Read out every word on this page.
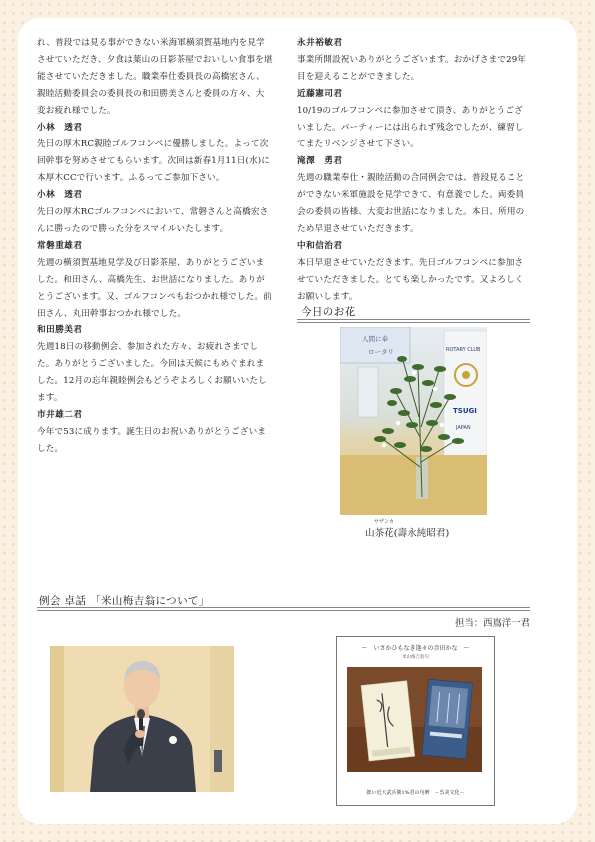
れ、普段では見る事ができない米海軍横須賀基地内を見学させていただき、夕食は葉山の日影茶屋でおいしい食事を堪能させていただきました。職業奉仕委員長の高橋宏さん、親睦活動委員会の委員長の和田勝美さんと委員の方々、大変お疲れ様でした。

小林　透君

先日の厚木RC親睦ゴルフコンペに優勝しました。よって次回幹事を努めさせてもらいます。次回は新春1月11日(水)に本厚木CCで行います。ふるってご参加下さい。

小林　透君

先日の厚木RCゴルフコンペにおいて、常磐さんと高橋宏さんに勝ったので勝った分をスマイルいたします。

常磐重雄君

先週の横須賀基地見学及び日影茶屋、ありがとうございました。和田さん、高橋先生、お世話になりました。ありがとうございます。又、ゴルフコンペもおつかれ様でした。前田さん、丸田幹事おつかれ様でした。

和田勝美君

先週18日の移動例会、参加された方々、お疲れさまでした。ありがとうございました。今回は天候にもめぐまれました。12月の忘年親睦例会もどうぞよろしくお願いいたします。

市井雄二君

今年で53に成ります。誕生日のお祝いありがとうございました。

永井裕敏君

事業所開設祝いありがとうございます。おかげさまで29年目を迎えることができました。

近藤憲司君

10/19のゴルフコンペに参加させて頂き、ありがとうございました。パーティーには出られず残念でしたが、練習してまたリベンジさせて下さい。

滝澤　勇君

先週の職業奉仕・親睦活動の合同例会では、普段見ることができない米軍施設を見学できて、有意義でした。両委員会の委員の皆様、大変お世話になりました。本日、所用のため早退させていただきます。

中和信治君

本日早退させていただきます。先日ゴルフコンペに参加させていただきました。とても楽しかったです。又よろしくお願いします。

今日のお花
人間に奉
ロータリ	ROTARY CLUB
TSUGI
JAPAN
サザンカ
山茶花(壽永純昭君)
例会 卓話 「米山梅吉翁について」
担当：西嶌洋一君
〜　いさかひもなき逢々の音田かな　〜
米山梅吉翁句
拙い近大武兵衛1%君の句碑　－呉美文化－
